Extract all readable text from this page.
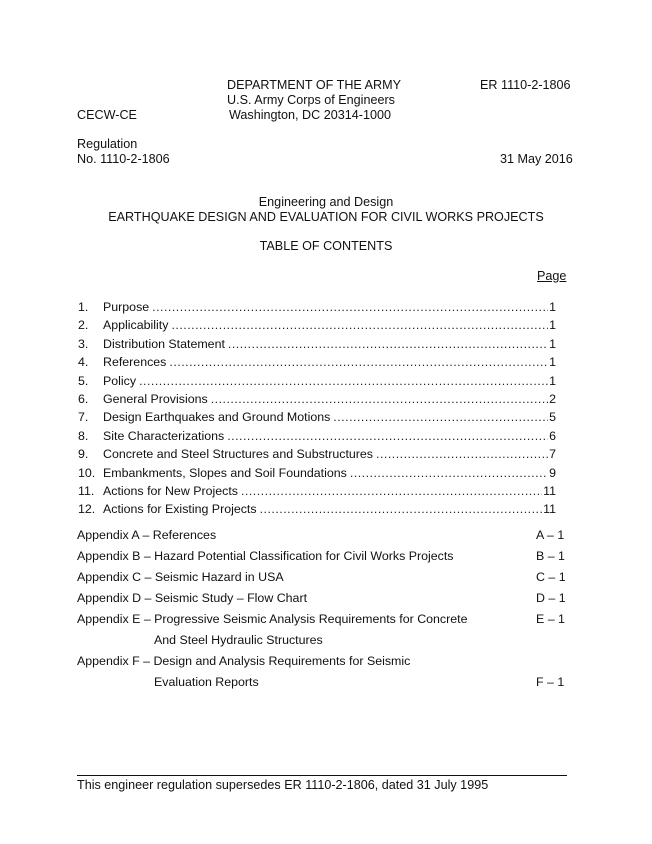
DEPARTMENT OF THE ARMY	ER 1110-2-1806
U.S. Army Corps of Engineers
CECW-CE	Washington, DC 20314-1000
Regulation
No. 1110-2-1806	31 May 2016
Engineering and Design
EARTHQUAKE DESIGN AND EVALUATION FOR CIVIL WORKS PROJECTS
TABLE OF CONTENTS
Page
1.	Purpose .....	1
2.	Applicability .....	1
3.	Distribution Statement .....	1
4.	References .....	1
5.	Policy .....	1
6.	General Provisions .....	2
7.	Design Earthquakes and Ground Motions .....	5
8.	Site Characterizations .....	6
9.	Concrete and Steel Structures and Substructures .....	7
10. Embankments, Slopes and Soil Foundations .....	9
11. Actions for New Projects .....	11
12. Actions for Existing Projects .....	11
Appendix A – References	A – 1
Appendix B – Hazard Potential Classification for Civil Works Projects	B – 1
Appendix C – Seismic Hazard in USA	C – 1
Appendix D – Seismic Study – Flow Chart	D – 1
Appendix E – Progressive Seismic Analysis Requirements for Concrete	E – 1
And Steel Hydraulic Structures
Appendix F – Design and Analysis Requirements for Seismic
Evaluation Reports	F – 1
This engineer regulation supersedes ER 1110-2-1806, dated 31 July 1995
